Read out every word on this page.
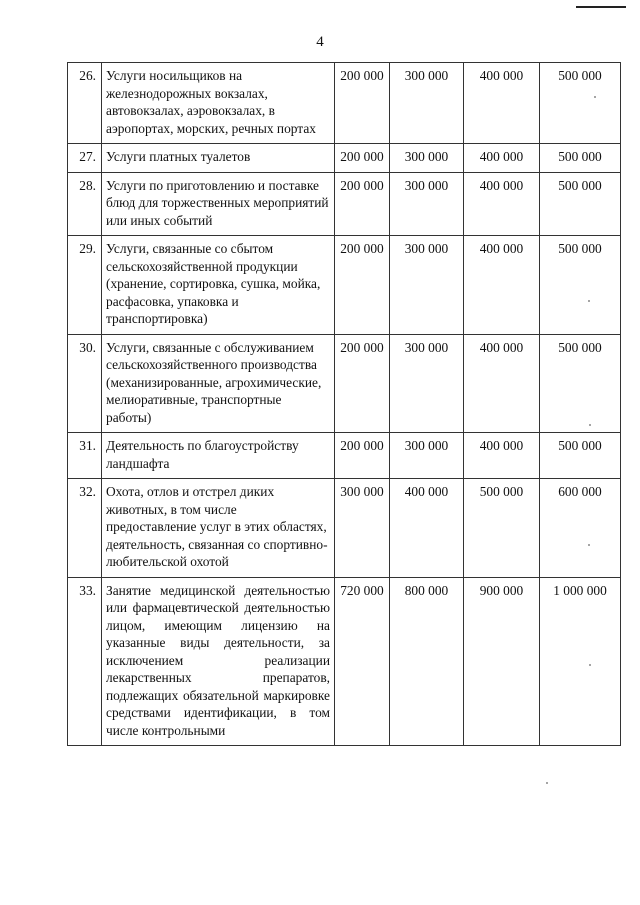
4
26.	Услуги носильщиков на железнодорожных вокзалах, автовокзалах, аэровокзалах, в аэропортах, морских, речных портах	200 000	300 000	400 000	500 000
27.	Услуги платных туалетов	200 000	300 000	400 000	500 000
28.	Услуги по приготовлению и поставке блюд для торжественных мероприятий или иных событий	200 000	300 000	400 000	500 000
29.	Услуги, связанные со сбытом сельскохозяйственной продукции (хранение, сортировка, сушка, мойка, расфасовка, упаковка и транспортировка)	200 000	300 000	400 000	500 000
30.	Услуги, связанные с обслуживанием сельскохозяйственного производства (механизированные, агрохимические, мелиоративные, транспортные работы)	200 000	300 000	400 000	500 000
31.	Деятельность по благоустройству ландшафта	200 000	300 000	400 000	500 000
32.	Охота, отлов и отстрел диких животных, в том числе предоставление услуг в этих областях, деятельность, связанная со спортивно-любительской охотой	300 000	400 000	500 000	600 000
33.	Занятие медицинской деятельностью или фармацевтической деятельностью лицом, имеющим лицензию на указанные виды деятельности, за исключением реализации лекарственных препаратов, подлежащих обязательной маркировке средствами идентификации, в том числе контрольными	720 000	800 000	900 000	1 000 000
